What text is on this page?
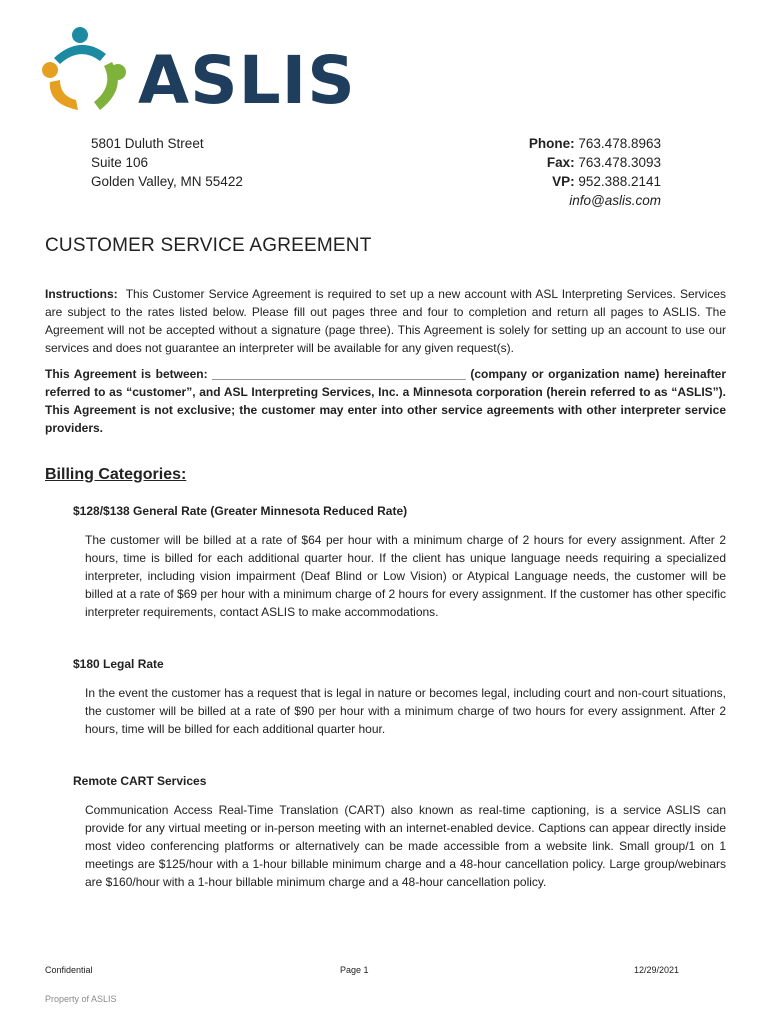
ASLIS
5801 Duluth Street
Suite 106
Golden Valley, MN 55422
Phone: 763.478.8963
Fax: 763.478.3093
VP: 952.388.2141
info@aslis.com
CUSTOMER SERVICE AGREEMENT
Instructions: This Customer Service Agreement is required to set up a new account with ASL Interpreting Services. Services are subject to the rates listed below. Please fill out pages three and four to completion and return all pages to ASLIS. The Agreement will not be accepted without a signature (page three). This Agreement is solely for setting up an account to use our services and does not guarantee an interpreter will be available for any given request(s).
This Agreement is between: ______________________________________ (company or organization name) hereinafter referred to as “customer”, and ASL Interpreting Services, Inc. a Minnesota corporation (herein referred to as “ASLIS”). This Agreement is not exclusive; the customer may enter into other service agreements with other interpreter service providers.
Billing Categories:
$128/$138 General Rate (Greater Minnesota Reduced Rate)
The customer will be billed at a rate of $64 per hour with a minimum charge of 2 hours for every assignment. After 2 hours, time is billed for each additional quarter hour. If the client has unique language needs requiring a specialized interpreter, including vision impairment (Deaf Blind or Low Vision) or Atypical Language needs, the customer will be billed at a rate of $69 per hour with a minimum charge of 2 hours for every assignment. If the customer has other specific interpreter requirements, contact ASLIS to make accommodations.
$180 Legal Rate
In the event the customer has a request that is legal in nature or becomes legal, including court and non-court situations, the customer will be billed at a rate of $90 per hour with a minimum charge of two hours for every assignment. After 2 hours, time will be billed for each additional quarter hour.
Remote CART Services
Communication Access Real-Time Translation (CART) also known as real-time captioning, is a service ASLIS can provide for any virtual meeting or in-person meeting with an internet-enabled device. Captions can appear directly inside most video conferencing platforms or alternatively can be made accessible from a website link. Small group/1 on 1 meetings are $125/hour with a 1-hour billable minimum charge and a 48-hour cancellation policy. Large group/webinars are $160/hour with a 1-hour billable minimum charge and a 48-hour cancellation policy.
Confidential	Page 1	12/29/2021
Property of ASLIS
